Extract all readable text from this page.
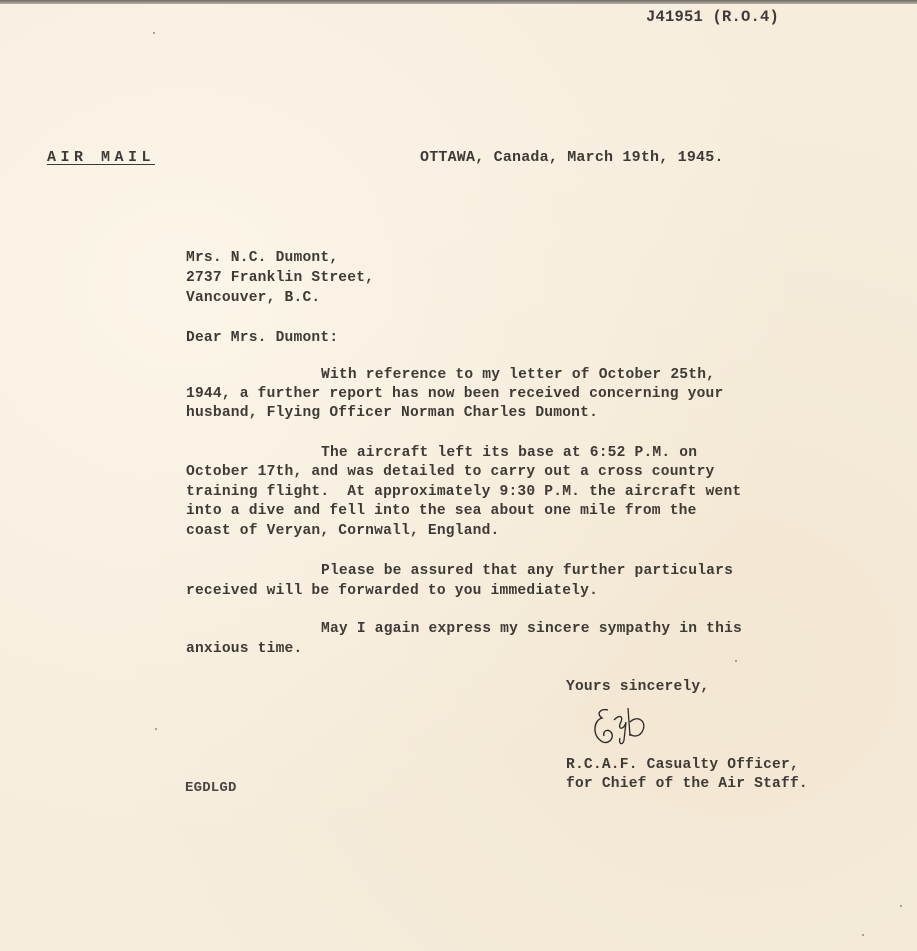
J41951 (R.O.4)
AIR MAIL	OTTAWA, Canada, March 19th, 1945.
Mrs. N.C. Dumont,
2737 Franklin Street,
Vancouver, B.C.
Dear Mrs. Dumont:
With reference to my letter of October 25th,
1944, a further report has now been received concerning your
husband, Flying Officer Norman Charles Dumont.
The aircraft left its base at 6:52 P.M. on
October 17th, and was detailed to carry out a cross country
training flight.  At approximately 9:30 P.M. the aircraft went
into a dive and fell into the sea about one mile from the
coast of Veryan, Cornwall, England.
Please be assured that any further particulars
received will be forwarded to you immediately.
May I again express my sincere sympathy in this
anxious time.
Yours sincerely,
R.C.A.F. Casualty Officer,
for Chief of the Air Staff.
EGDLGD
